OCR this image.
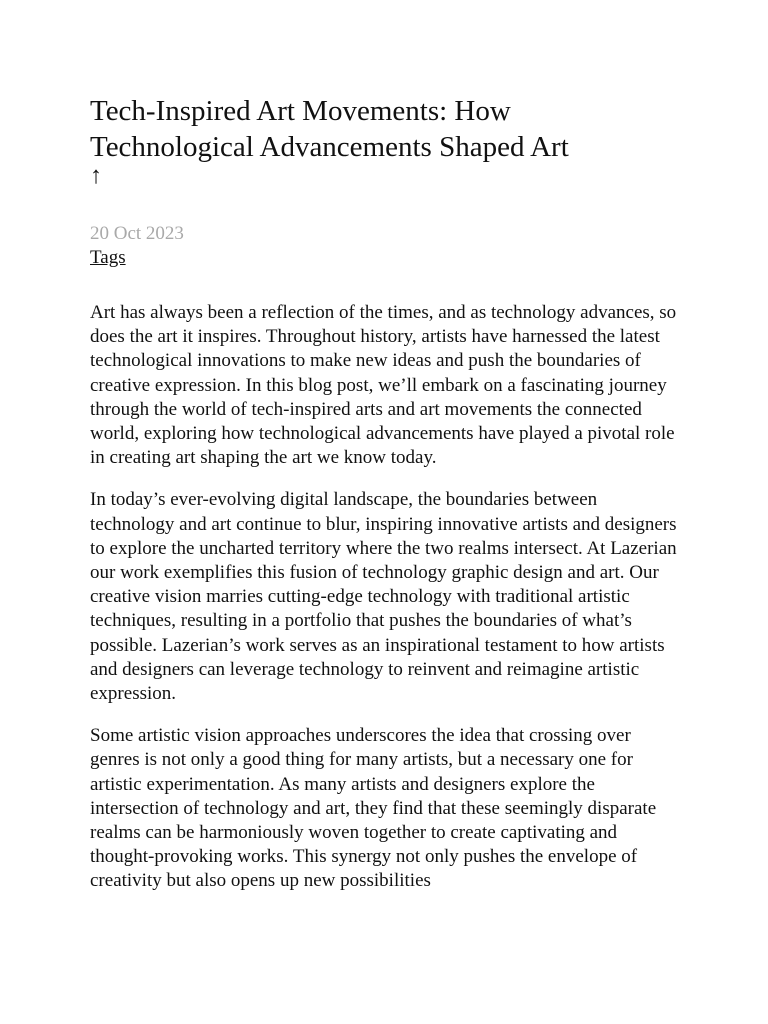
Tech-Inspired Art Movements: How
Technological Advancements Shaped Art
↑
20 Oct 2023
Tags

Art has always been a reflection of the times, and as technology advances, so does the art it inspires. Throughout history, artists have harnessed the latest technological innovations to make new ideas and push the boundaries of creative expression. In this blog post, we’ll embark on a fascinating journey through the world of tech-inspired arts and art movements the connected world, exploring how technological advancements have played a pivotal role in creating art shaping the art we know today.

In today’s ever-evolving digital landscape, the boundaries between technology and art continue to blur, inspiring innovative artists and designers to explore the uncharted territory where the two realms intersect. At Lazerian our work exemplifies this fusion of technology graphic design and art. Our creative vision marries cutting-edge technology with traditional artistic techniques, resulting in a portfolio that pushes the boundaries of what’s possible. Lazerian’s work serves as an inspirational testament to how artists and designers can leverage technology to reinvent and reimagine artistic expression.

Some artistic vision approaches underscores the idea that crossing over genres is not only a good thing for many artists, but a necessary one for artistic experimentation. As many artists and designers explore the intersection of technology and art, they find that these seemingly disparate realms can be harmoniously woven together to create captivating and thought-provoking works. This synergy not only pushes the envelope of creativity but also opens up new possibilities
